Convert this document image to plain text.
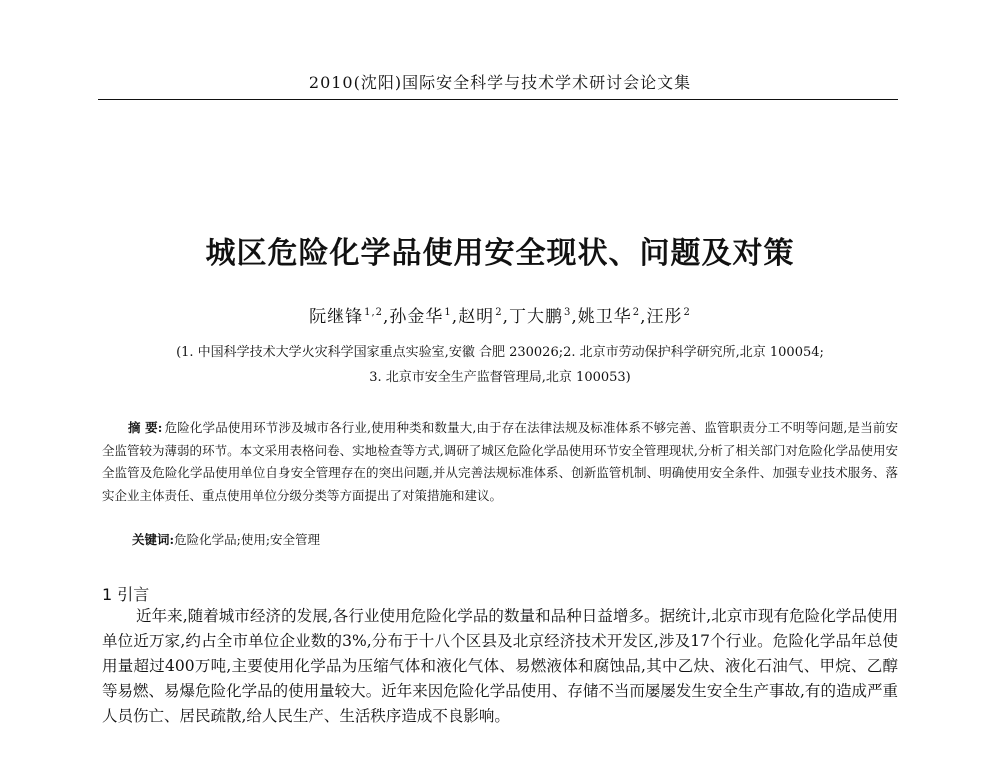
2010(沈阳)国际安全科学与技术学术研讨会论文集
城区危险化学品使用安全现状、问题及对策
阮继锋$^{1,2}$,孙金华$^1$,赵明$^2$,丁大鹏$^3$,姚卫华$^2$,汪彤$^2$
(1. 中国科学技术大学火灾科学国家重点实验室,安徽 合肥 230026;2. 北京市劳动保护科学研究所,北京 100054;
3. 北京市安全生产监督管理局,北京 100053)
摘 要: 危险化学品使用环节涉及城市各行业,使用种类和数量大,由于存在法律法规及标准体系不够完善、监管职责分工不明等问题,是当前安全监管较为薄弱的环节。本文采用表格问卷、实地检查等方式,调研了城区危险化学品使用环节安全管理现状,分析了相关部门对危险化学品使用安全监管及危险化学品使用单位自身安全管理存在的突出问题,并从完善法规标准体系、创新监管机制、明确使用安全条件、加强专业技术服务、落实企业主体责任、重点使用单位分级分类等方面提出了对策措施和建议。
关键词:危险化学品;使用;安全管理
1 引言

近年来,随着城市经济的发展,各行业使用危险化学品的数量和品种日益增多。据统计,北京市现有危险化学品使用单位近万家,约占全市单位企业数的3%,分布于十八个区县及北京经济技术开发区,涉及17个行业。危险化学品年总使用量超过400万吨,主要使用化学品为压缩气体和液化气体、易燃液体和腐蚀品,其中乙炔、液化石油气、甲烷、乙醇等易燃、易爆危险化学品的使用量较大。近年来因危险化学品使用、存储不当而屡屡发生安全生产事故,有的造成严重人员伤亡、居民疏散,给人民生产、生活秩序造成不良影响。
